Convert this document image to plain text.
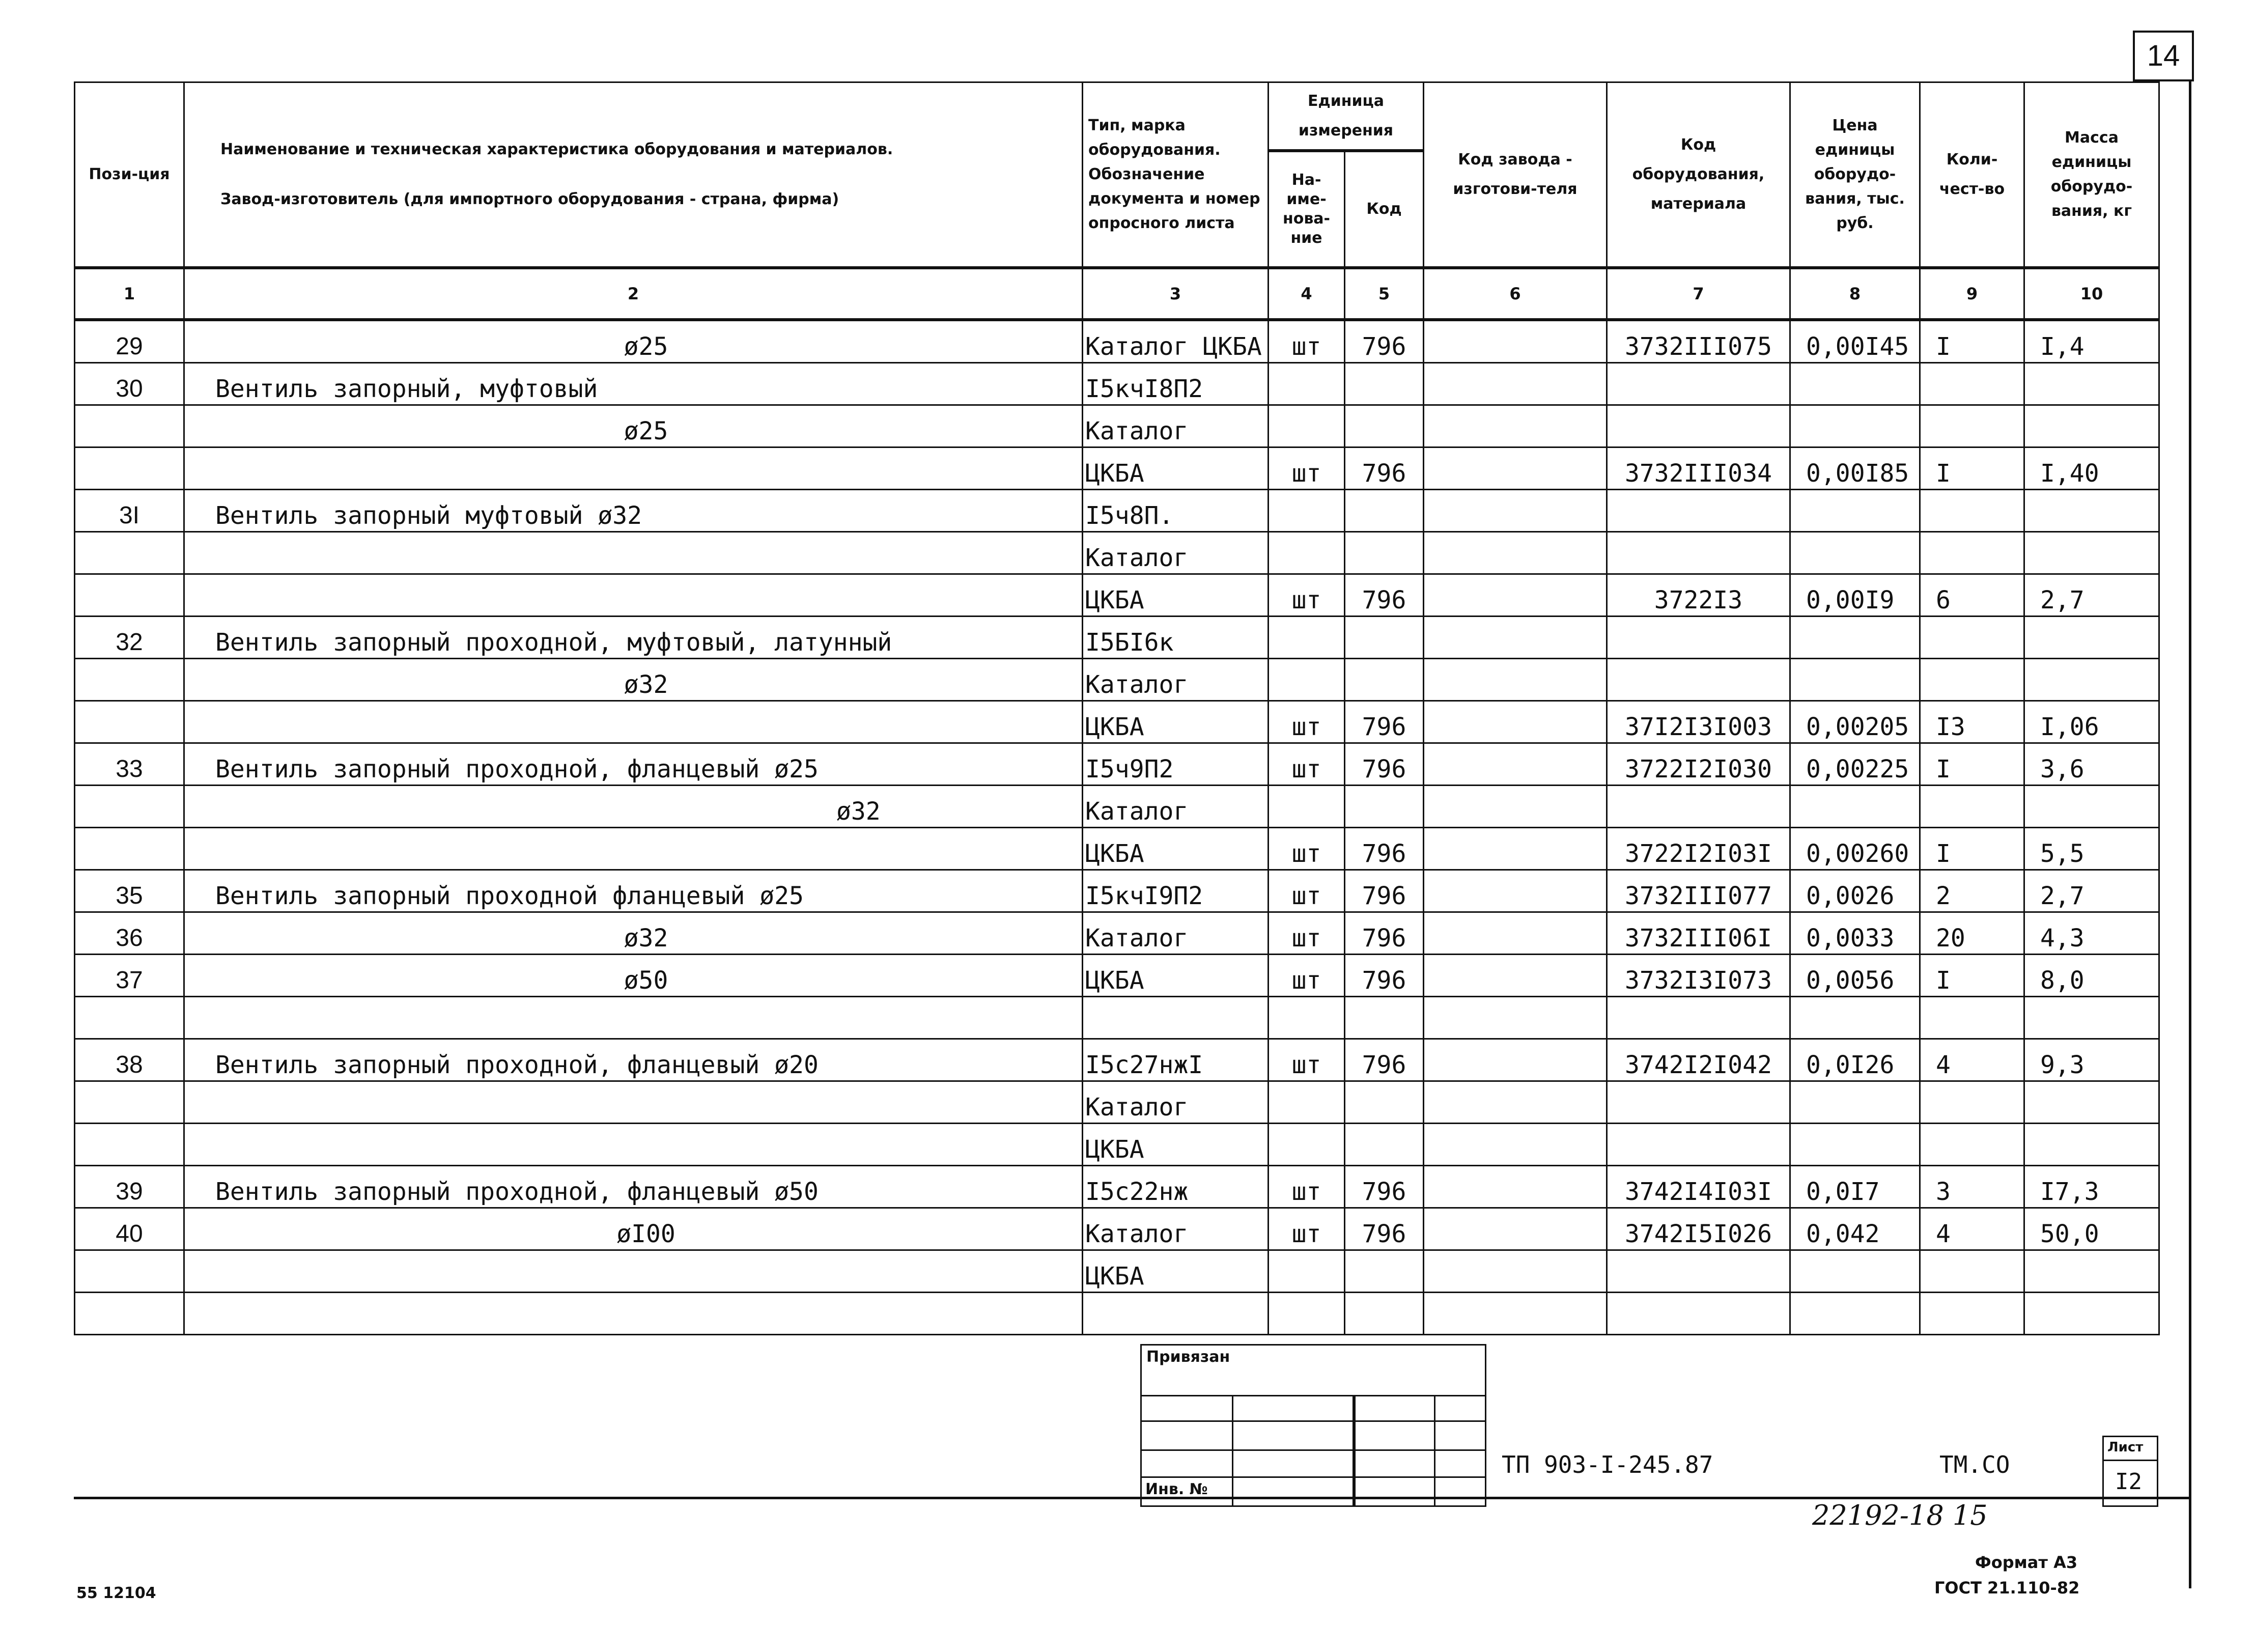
14
Пози-ция	Наименование и техническая характеристика оборудования и материалов.
Завод-изготовитель (для импортного оборудования - страна, фирма)	Тип, марка оборудования. Обозначение документа и номер опросного листа	Единица измерения		Код завода - изготови-теля	Код оборудования, материала	Цена единицы оборудо-вания, тыс. руб.	Коли-чест-во	Масса единицы оборудо-вания, кг
			На-име-нова-ние	Код					
1	2	3	4	5	6	7	8	9	10
29	ø25	Каталог ЦКБА	шт	796		3732III075	0,00I45	I	I,4
30	Вентиль запорный, муфтовый	I5кчI8П2							
	ø25	Каталог							
		ЦКБА	шт	796		3732III034	0,00I85	I	I,40
3I	Вентиль запорный муфтовый ø32	I5ч8П.							
		Каталог							
		ЦКБА	шт	796		3722I3	0,00I9	6	2,7
32	Вентиль запорный проходной, муфтовый, латунный	I5БI6к							
	ø32	Каталог							
		ЦКБА	шт	796		37I2I3I003	0,00205	I3	I,06
33	Вентиль запорный проходной, фланцевый ø25	I5ч9П2	шт	796		3722I2I030	0,00225	I	3,6
	ø32	Каталог							
		ЦКБА	шт	796		3722I2I03I	0,00260	I	5,5
35	Вентиль запорный проходной фланцевый ø25	I5кчI9П2	шт	796		3732III077	0,0026	2	2,7
36	ø32	Каталог	шт	796		3732III06I	0,0033	20	4,3
37	ø50	ЦКБА	шт	796		3732I3I073	0,0056	I	8,0

38	Вентиль запорный проходной, фланцевый ø20	I5с27нжI	шт	796		3742I2I042	0,0I26	4	9,3
		Каталог							
		ЦКБА							
39	Вентиль запорный проходной, фланцевый ø50	I5с22нж	шт	796		3742I4I03I	0,0I7	3	I7,3
40	øI00	Каталог	шт	796		3742I5I026	0,042	4	50,0
		ЦКБА							

Привязан
Инв. №
Лист
I2
ТП 903-I-245.87	ТМ.СО
22192-18 15
Формат А3
ГОСТ 21.110-82
55 12104
